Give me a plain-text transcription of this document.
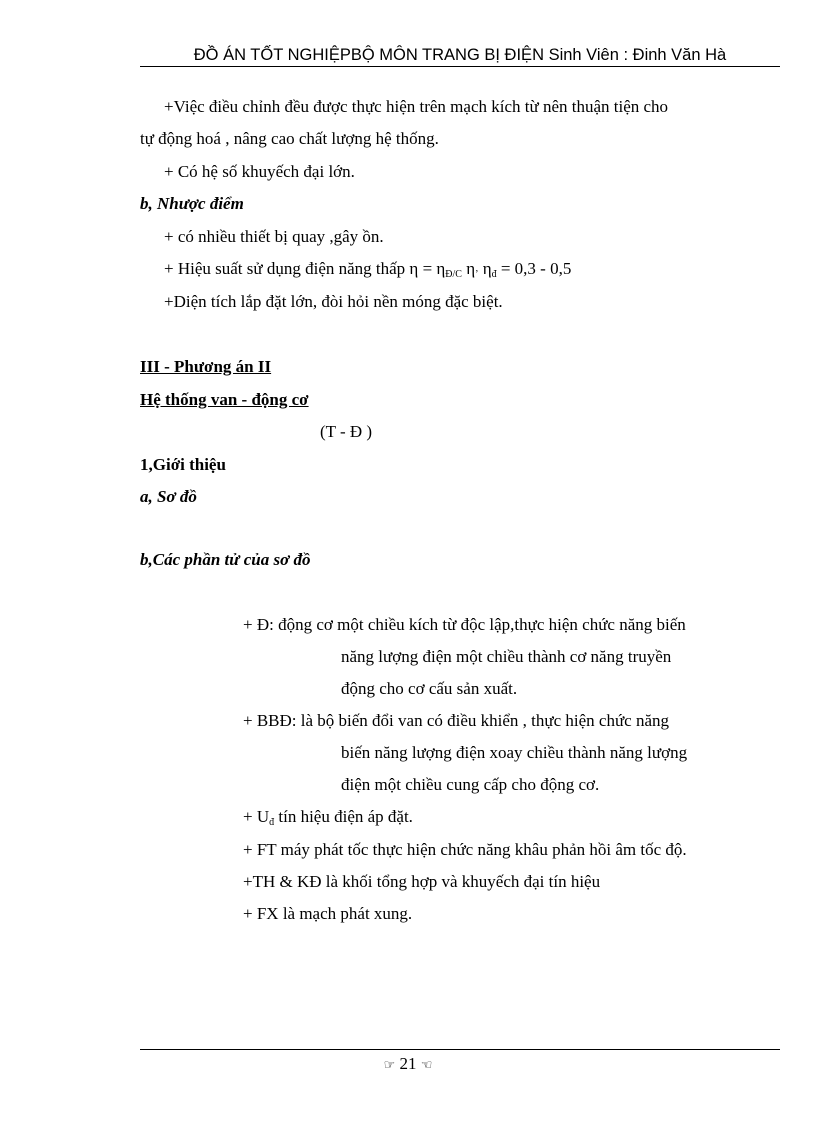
ĐỒ ÁN TỐT NGHIỆPBỘ MÔN TRANG BỊ ĐIỆN Sinh Viên : Đinh Văn Hà
+Việc điều chỉnh đều được thực hiện trên mạch kích từ nên thuận tiện cho
tự động hoá , nâng cao chất lượng hệ thống.
+ Có hệ số khuyếch đại lớn.
b, Nhược điểm
+ có nhiều thiết bị quay ,gây ồn.
+ Hiệu suất sử dụng điện năng thấp $\eta = \eta_{Đ/C}$ $\eta_ʼ$ $\eta_đ = 0,3 - 0,5$
+Diện tích lắp đặt lớn, đòi hỏi nền móng đặc biệt.
III - Phương án II
Hệ thống van - động cơ
(T - Đ )
1,Giới thiệu
a, Sơ đồ
b,Các phần tử của sơ đồ
+ Đ: động cơ một chiều kích từ độc lập,thực hiện chức năng biến
năng lượng điện một chiều thành cơ năng truyền
động cho cơ cấu sản xuất.
+ BBĐ: là bộ biến đổi van có điều khiển , thực hiện chức năng
biến năng lượng điện xoay chiều thành năng lượng
điện một chiều cung cấp cho động cơ.
+ $U_đ$ tín hiệu điện áp đặt.
+ FT máy phát tốc thực hiện chức năng khâu phản hồi âm tốc độ.
+TH & KĐ là khối tổng hợp và khuyếch đại tín hiệu
+ FX là mạch phát xung.
☞ 21 ☜
